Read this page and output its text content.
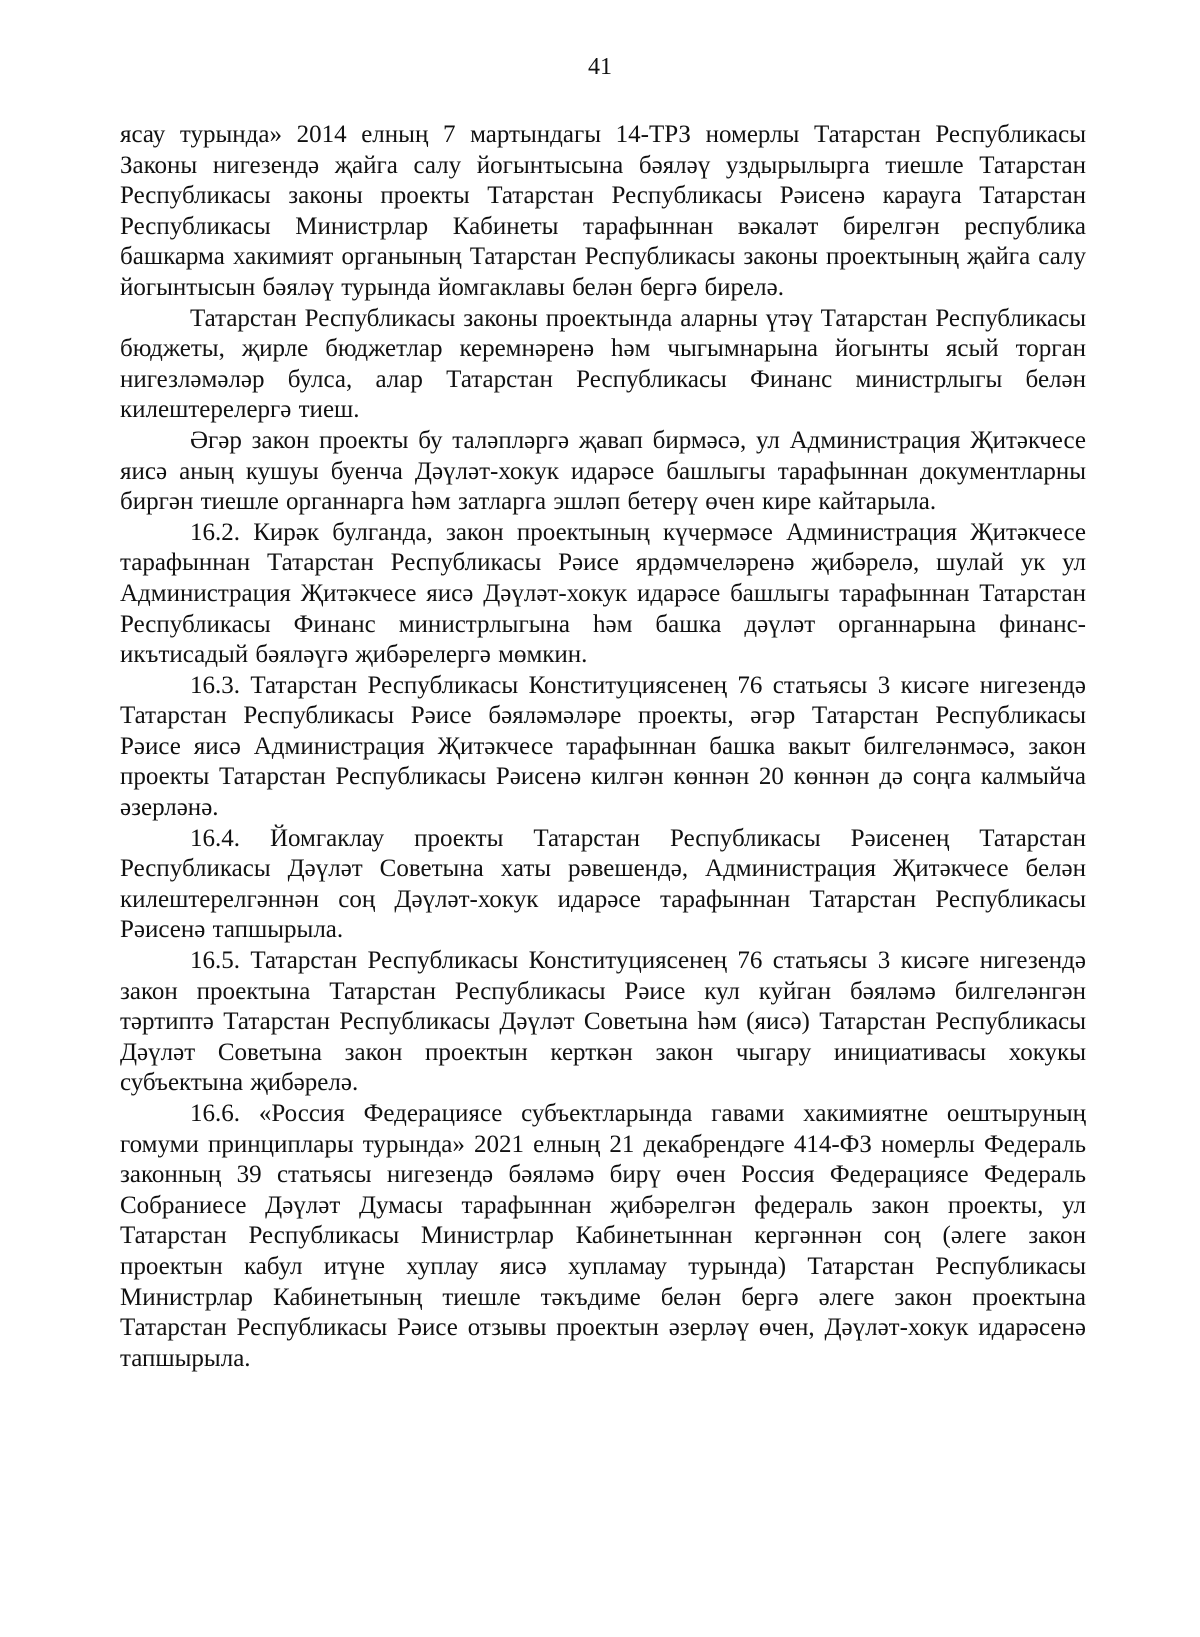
41

ясау турында» 2014 елның 7 мартындагы 14-ТРЗ номерлы Татарстан Республикасы Законы нигезендә җайга салу йогынтысына бәяләү уздырылырга тиешле Татарстан Республикасы законы проекты Татарстан Республикасы Рәисенә карауга Татарстан Республикасы Министрлар Кабинеты тарафыннан вәкаләт бирелгән республика башкарма хакимият органының Татарстан Республикасы законы проектының җайга салу йогынтысын бәяләү турында йомгаклавы белән бергә бирелә.

Татарстан Республикасы законы проектында аларны үтәү Татарстан Республикасы бюджеты, җирле бюджетлар керемнәренә һәм чыгымнарына йогынты ясый торган нигезләмәләр булса, алар Татарстан Республикасы Финанс министрлыгы белән килештерелергә тиеш.

Әгәр закон проекты бу таләпләргә җавап бирмәсә, ул Администрация Җитәкчесе яисә аның кушуы буенча Дәүләт-хокук идарәсе башлыгы тарафыннан документларны биргән тиешле органнарга һәм затларга эшләп бетерү өчен кире кайтарыла.

16.2. Кирәк булганда, закон проектының күчермәсе Администрация Җитәкчесе тарафыннан Татарстан Республикасы Рәисе ярдәмчеләренә җибәрелә, шулай ук ул Администрация Җитәкчесе яисә Дәүләт-хокук идарәсе башлыгы тарафыннан Татарстан Республикасы Финанс министрлыгына һәм башка дәүләт органнарына финанс-икътисадый бәяләүгә җибәрелергә мөмкин.

16.3. Татарстан Республикасы Конституциясенең 76 статьясы 3 кисәге нигезендә Татарстан Республикасы Рәисе бәяләмәләре проекты, әгәр Татарстан Республикасы Рәисе яисә Администрация Җитәкчесе тарафыннан башка вакыт билгеләнмәсә, закон проекты Татарстан Республикасы Рәисенә килгән көннән 20 көннән дә соңга калмыйча әзерләнә.

16.4. Йомгаклау проекты Татарстан Республикасы Рәисенең Татарстан Республикасы Дәүләт Советына хаты рәвешендә, Администрация Җитәкчесе белән килештерелгәннән соң Дәүләт-хокук идарәсе тарафыннан Татарстан Республикасы Рәисенә тапшырыла.

16.5. Татарстан Республикасы Конституциясенең 76 статьясы 3 кисәге нигезендә закон проектына Татарстан Республикасы Рәисе кул куйган бәяләмә билгеләнгән тәртиптә Татарстан Республикасы Дәүләт Советына һәм (яисә) Татарстан Республикасы Дәүләт Советына закон проектын керткән закон чыгару инициативасы хокукы субъектына җибәрелә.

16.6. «Россия Федерациясе субъектларында гавами хакимиятне оештыруның гомуми принциплары турында» 2021 елның 21 декабрендәге 414-ФЗ номерлы Федераль законның 39 статьясы нигезендә бәяләмә бирү өчен Россия Федерациясе Федераль Собраниесе Дәүләт Думасы тарафыннан җибәрелгән федераль закон проекты, ул Татарстан Республикасы Министрлар Кабинетыннан кергәннән соң (әлеге закон проектын кабул итүне хуплау яисә хупламау турында) Татарстан Республикасы Министрлар Кабинетының тиешле тәкъдиме белән бергә әлеге закон проектына Татарстан Республикасы Рәисе отзывы проектын әзерләү өчен, Дәүләт-хокук идарәсенә тапшырыла.
